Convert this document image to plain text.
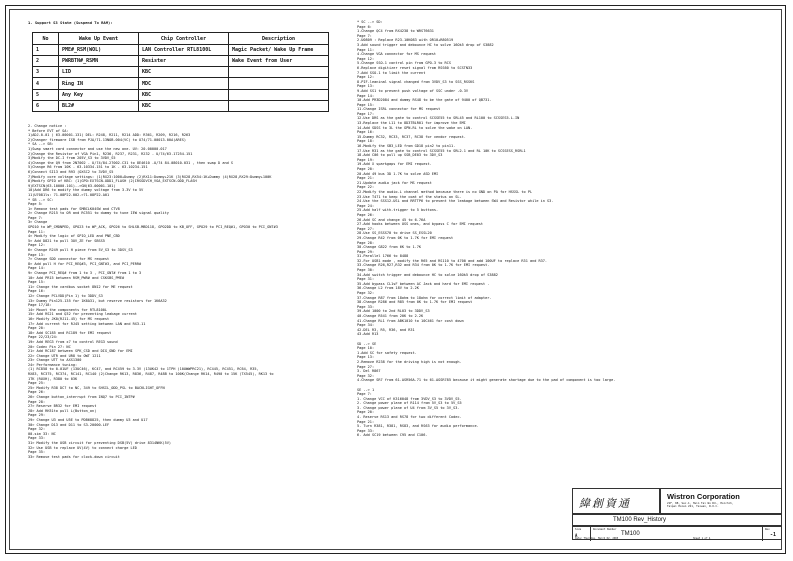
1. Support S3 State (Suspend To RAM):
No	Wake Up Event	Chip Controller	Description
1	PME#_RSM(WOL)	LAN Controller RTL8100L	Magic Packet/ Wake Up Frame
2	PWRBTN#_RSMN	Resister	Wake Event from User
3	LID	KBC	
4	Ring IN	MDC	
5	Any Key	KBC	
6	BL2#	KBC	
2. Change notice :
* Before EVT of SA:
1)ADJ-0-01 ( 63.00001.131) DEL: R248, R211, R214 ADD: R361, R209, R216, R263
2)Changer firmware ISB from PJA/71.13NOB.004(VC) to U74/71.00013.00A(ARES)
* SA --> SB:
1)Swap smart card connector and use the new one. UV: 20.00000.017
2)Change the Resistor of VGA Pin1, R236, R237, R231, R232 - U/74/63.17254.151
3)Modify the DC-I from 205V_S3 to 3VDV_S5
4)Change the Q9 from 2N7002 - U/74/84.27002.C31 to 8E4610 -U/74 84.08010.031 , then swap D and S
5)Change R6 from 10K - 63.10334.151 to 1K - 63.10234.151
6)Connect SI13 and R93 (OXSC2 to 3VDV_S5
7)Modify core voltage settings: (1)RX23:1000+Dummy (2)RX11:Dummy+21K (3)RX28,RX54:1K+Dummy (4)RX28,RX29:Dummy+100K
8)Modify GPIO of KBC: (1)GPO:EXTSCN-ODD1_FLASH (2)IRSGDVCH_VGA_EXTSCN-ODD_FLASH
9)EXTSCN(63.10000.101)-->GN(63.00001.101)
10)Add DR6 to modify the dummy voltage from 3.3V to 5V
11)U7081ls: 71.08P22.002->71.08P22.A01
* SB --> SC:
Page 5:
1> Remove test pads for SMBCLK04SW and CTV8
2> Change R215 to OR and RC551 to dummy to tune IEW signal quality
Page 7:
3> Change
GPO10 to WP_CMDNPED, GPO23 to WP_ACK, GPO26 to SHLSB-MBD118, GPO2DD to KB_OFF, GPO29 to PCI_REQ#1, GPO30 to PCI_GNT#3
Page 11:
4> Modify the logic of GPIO_LED and PNE_CBD
5> Add D821 to pull 3OV_ZE for SBSS5
Page 12:
6> Change R249 pull H piece from 5V_S3 to 3DSV_S3
Page 13:
7> Change SDD connector for MS request
8> Add pull H for PCI_REQ#3, PCI_GNT#3, and PCI_PERR#
Page 14:
9> Change PCI_REQ# from 1 to 3 , PCI_GNT# from 1 to 3
10> Add PR15 between RSM_PWR# and CSKSBS_PME#
Page 15:
11> Change the cardbus socket 8N12 for ME request
Page 16:
12> Change PCLVDD(Pin 1) to 3DDV_S3
13> Dummy Pin125-135 for 1K6A31, but reserve resistors for 1K6A32
Page 17/18:
14> Mount the components for RTL8100L
15> Add RS21 and Q32 for preventing leakage current
16> Modify JK0(RJ11-45) for MS request
17> Add current for RJ45 setting between LAN and RX3.11
Page 20:
18> Add SC185 and RC189 for EMI request
Page 22/23/24:
19> Add REG3 from x7 to control REG3 sound
20> Codec Pin 27: NC
21> Add RC187 between SPK_CSD and DIG_GND for EMI
22> Change UTR and UR8 to OWT 1211
23> Change UTT to AXS1300
24> Performance tuning:
(1) RC858 to 0.01UF (13UC46), KC47, and RC459 to 3.3V (13UK42 to 1TPH (10UWWPRC21), RC445, RC451, RC64, R35,
RX83, RC375, RC374, RC141, RC140 (2)Change RK13, R836, R487, R48B to 100K(Change RK14, R490 to 15K (TX545), RK13 to
1TK (RUXH), R380 to 03K
Page 25:
25> Modify R38 DC7 to NC, 349 to SHSIL_ODD_PSL to BACKLIGHT_OFFN
Page 26:
26> Change button_interrupt from INQ7 to PCI_INTP#
Page 28:
27> Reserve BR32 for EMI request
28> Add RH31to pull L(Button_on)
Page 29:
29> Change U3 and U5E to PDB68825, then dummy U3 and U17
30> Change D13 and D11 to S3.20000.LEF
Page 32:
00-sim 33: NC
Page 33:
31> Modify the USB circuit for preventing DSB(5V) drive 8314NKK(5V)
32> Use USB to replace UV(4V) to connect charge LED
Page 35:
33> Remove test pads for clock-down circuit
* SC --> SD:
Page 6:
1.Change QC4 from RX4238 to WRST6631
Page 7:
2.U0809 : Replace R23.10K083 with OR10+R80519
3.Add sound trigger and debounce HC to solve 16Ok5 drop of S3882
Page 11:
4.Change VGA connector for MS request
Page 12:
5.Change SSO-1 control pin from GPO-3 to RCS
6.Replace digitizer reset signal from RSS60 to SCSTN33
7.Add SSO-1 to limit the current
Page 12:
8.PIF-leaninal signal changed from 3VDV_S3 to SSS_RSSKS
Page 13:
9.Add SS1 to prevent push voltage of SSC under -0.3V
Page 14:
10.Add PR3D2084 and dummy RS48 to be the gate of 9400 of QB731.
Page 15:
11.Change ISRL connector for MS request
Page 17:
12.Use DRS as the gate to control SCSSE55 to SRL45 and RL100 to SCSSES5.L.IN
13.Replace the L11 to 8D3TBLR01 for improve the EMI
14.Add SDSS to 3L the GPN-RL to solve the wake on LAN.
Page 16:
15.Dummy RC32, RC33, RC37, RC38 for vendor request.
Page 18:
16.Modify the SB3_LED from GD18 pin2 to pin11.
17.Use R31 as the gate to control SCSSE55 to SRL2.1 and RL 10K to SCSSESS_RSRL1
18.Add C06 to pull up SSB_DE03 to 3DV_S3
Page 19:
19.Add X sparkgaps for EMI request.
Page 20:
20.Add 49 bus 3D 1.7K to solve ASD EMI
Page 21:
21.Update audio jack for MS request
Page 22:
22.Modify the audio-L channel method because there is no GND on PA for HSSSL to PL
23.Use T471 to keep the coat of the status on SL.
24.Use the SSS12-USL and RRTTP6 to prevent the leakage between SW4 and Resistor while in S3.
Page 24:
25.Add half with-trigger to 5 buttons.
Page 26:
26.Add SC and change 45 to 6.76A
27.Add hooks between USS ones, and bypass C for EMI request
Page 27:
28.Use SS_ESSS70 to drive SS_ESSL20
29.Change R42 from 0K to 1.7K for EMI request
Page 28:
30.Change G822 from 6K to 1.7K
Page 29:
31.Parallel 1766 to 8488
32.For USB1 mode , modify the R65 and RS110 to 4700 and add 100UF to replace R31 and R37.
33.Change R26,R27,R32 and R34 from 0K to 1.7K for EMI request.
Page 30:
34.Add switch trigger and debounce HC to solve 16Ok5 drop of S3882
Page 31:
35.Add bypass CL1sF between AC Jack and hard for EMI request .
36.Change L2 from 18V to 2.2K
Page 32:
37.Change R87 from 18ohm to 18ohm for correct limit of adapter.
38.Change R286 and R85 from 0K to 1.7K for EMI request
Page 33:
39.Add 1000 to 2nd RL03 to 3DDV_S3
40.Change R541 from 20K to 2.2K
41.Change RL1 from ABK1010 to 10C461 for cost down
Page 34:
42.DEL R3, R5, R36, and R31
43.Add R13
SD --> SE
Page 10:
1.Add SC for safety request.
Page 13:
2.Remove R238 for the driving high is not enough.
Page 27:
3. Del R867
Page 32:
4.Change SR7 from 61.ASR56A.71 to 61.AGSR785 because it might generate shortage due to the pad of component is too large.
SE --> 1
Page 7:
1. Change VCC of K316048 from 3VDV_S3 to 3VDV_S5.
2. Change power plane of R114 from 5V_S3 to 5V_S5
3. Change power plane of U4 from 3V_S5 to 3V_S3.
Page 20:
4. Reserve RS13 and RS78 for two different Codec.
Page 21:
5. Turn R381, R381, RS83, and RS63 for audio performance.
Page 33:
6. Add SC19 between C95 and C106.
緯創資通
Wistron Corporation
21F, 88, Sec.1, Hsin Tai Wu Rd., Hsichih,
Taipei Hsien 221, Taiwan, R.O.C.
TM100 Rev_History
Size
A
Document Number
TM100
Rev
-1
Date: Thursday, March 02, 2005	Sheet 1 of 4
